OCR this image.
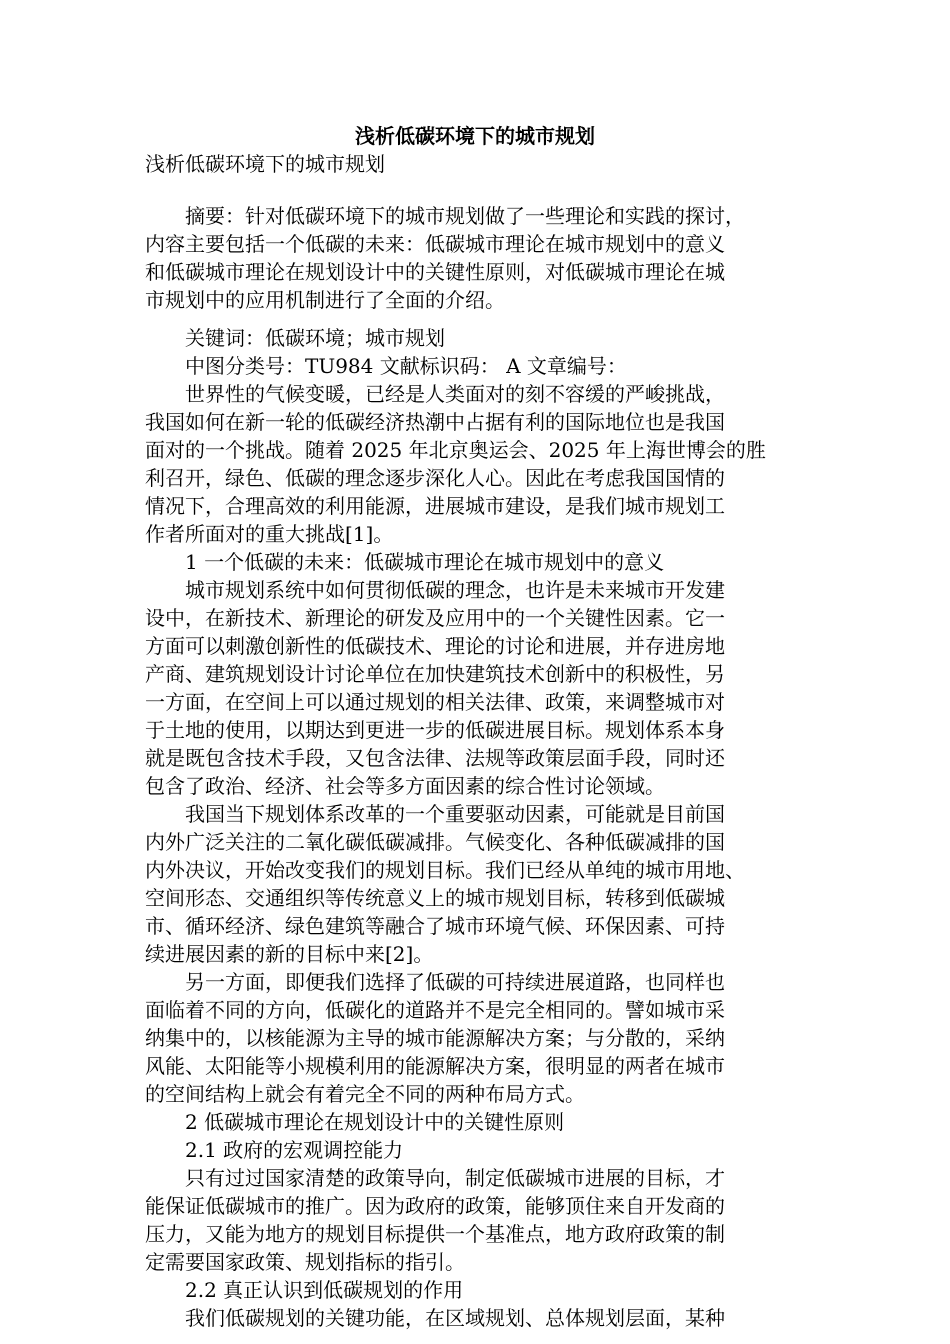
浅析低碳环境下的城市规划
浅析低碳环境下的城市规划
　　摘要：针对低碳环境下的城市规划做了一些理论和实践的探讨，
内容主要包括一个低碳的未来：低碳城市理论在城市规划中的意义
和低碳城市理论在规划设计中的关键性原则，对低碳城市理论在城
市规划中的应用机制进行了全面的介绍。
　　关键词：低碳环境；城市规划
　　中图分类号：TU984 文献标识码： A 文章编号：
　　世界性的气候变暖，已经是人类面对的刻不容缓的严峻挑战，
我国如何在新一轮的低碳经济热潮中占据有利的国际地位也是我国
面对的一个挑战。随着 2025 年北京奥运会、2025 年上海世博会的胜
利召开，绿色、低碳的理念逐步深化人心。因此在考虑我国国情的
情况下，合理高效的利用能源，进展城市建设，是我们城市规划工
作者所面对的重大挑战[1]。
　　1 一个低碳的未来：低碳城市理论在城市规划中的意义
　　城市规划系统中如何贯彻低碳的理念，也许是未来城市开发建
设中，在新技术、新理论的研发及应用中的一个关键性因素。它一
方面可以刺激创新性的低碳技术、理论的讨论和进展，并存进房地
产商、建筑规划设计讨论单位在加快建筑技术创新中的积极性，另
一方面，在空间上可以通过规划的相关法律、政策，来调整城市对
于土地的使用，以期达到更进一步的低碳进展目标。规划体系本身
就是既包含技术手段，又包含法律、法规等政策层面手段，同时还
包含了政治、经济、社会等多方面因素的综合性讨论领域。
　　我国当下规划体系改革的一个重要驱动因素，可能就是目前国
内外广泛关注的二氧化碳低碳减排。气候变化、各种低碳减排的国
内外决议，开始改变我们的规划目标。我们已经从单纯的城市用地、
空间形态、交通组织等传统意义上的城市规划目标，转移到低碳城
市、循环经济、绿色建筑等融合了城市环境气候、环保因素、可持
续进展因素的新的目标中来[2]。
　　另一方面，即便我们选择了低碳的可持续进展道路，也同样也
面临着不同的方向，低碳化的道路并不是完全相同的。譬如城市采
纳集中的，以核能源为主导的城市能源解决方案；与分散的，采纳
风能、太阳能等小规模利用的能源解决方案，很明显的两者在城市
的空间结构上就会有着完全不同的两种布局方式。
　　2 低碳城市理论在规划设计中的关键性原则
　　2.1 政府的宏观调控能力
　　只有过过国家清楚的政策导向，制定低碳城市进展的目标，才
能保证低碳城市的推广。因为政府的政策，能够顶住来自开发商的
压力，又能为地方的规划目标提供一个基准点，地方政府政策的制
定需要国家政策、规划指标的指引。
　　2.2 真正认识到低碳规划的作用
　　我们低碳规划的关键功能，在区域规划、总体规划层面，某种
